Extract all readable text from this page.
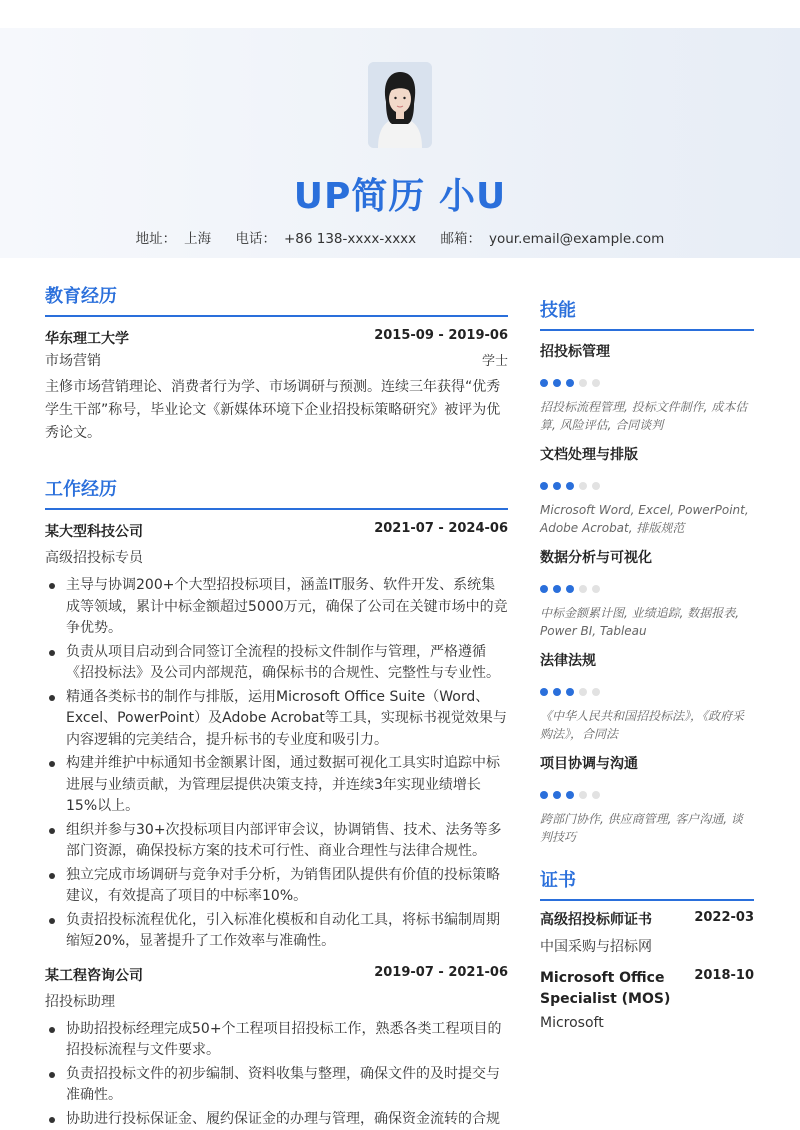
UP简历 小U
地址： 上海 电话： +86 138-xxxx-xxxx 邮箱： your.email@example.com
教育经历
华东理工大学	2015-09 - 2019-06
市场营销	学士
主修市场营销理论、消费者行为学、市场调研与预测。连续三年获得“优秀学生干部”称号，毕业论文《新媒体环境下企业招投标策略研究》被评为优秀论文。
工作经历
某大型科技公司	2021-07 - 2024-06
高级招投标专员
主导与协调200+个大型招投标项目，涵盖IT服务、软件开发、系统集成等领域，累计中标金额超过5000万元，确保了公司在关键市场中的竞争优势。
负责从项目启动到合同签订全流程的投标文件制作与管理，严格遵循《招投标法》及公司内部规范，确保标书的合规性、完整性与专业性。
精通各类标书的制作与排版，运用Microsoft Office Suite（Word、Excel、PowerPoint）及Adobe Acrobat等工具，实现标书视觉效果与内容逻辑的完美结合，提升标书的专业度和吸引力。
构建并维护中标通知书金额累计图，通过数据可视化工具实时追踪中标进展与业绩贡献，为管理层提供决策支持，并连续3年实现业绩增长15%以上。
组织并参与30+次投标项目内部评审会议，协调销售、技术、法务等多部门资源，确保投标方案的技术可行性、商业合理性与法律合规性。
独立完成市场调研与竞争对手分析，为销售团队提供有价值的投标策略建议，有效提高了项目的中标率10%。
负责招投标流程优化，引入标准化模板和自动化工具，将标书编制周期缩短20%，显著提升了工作效率与准确性。
某工程咨询公司	2019-07 - 2021-06
招投标助理
协助招投标经理完成50+个工程项目招投标工作，熟悉各类工程项目的招投标流程与文件要求。
负责招投标文件的初步编制、资料收集与整理，确保文件的及时提交与准确性。
协助进行投标保证金、履约保证金的办理与管理，确保资金流转的合规
技能
招投标管理
招投标流程管理, 投标文件制作, 成本估算, 风险评估, 合同谈判
文档处理与排版
Microsoft Word, Excel, PowerPoint, Adobe Acrobat, 排版规范
数据分析与可视化
中标金额累计图, 业绩追踪, 数据报表, Power BI, Tableau
法律法规
《中华人民共和国招投标法》，《政府采购法》，合同法
项目协调与沟通
跨部门协作, 供应商管理, 客户沟通, 谈判技巧
证书
高级招投标师证书	2022-03
中国采购与招标网
Microsoft Office Specialist (MOS)
2018-10
Microsoft
